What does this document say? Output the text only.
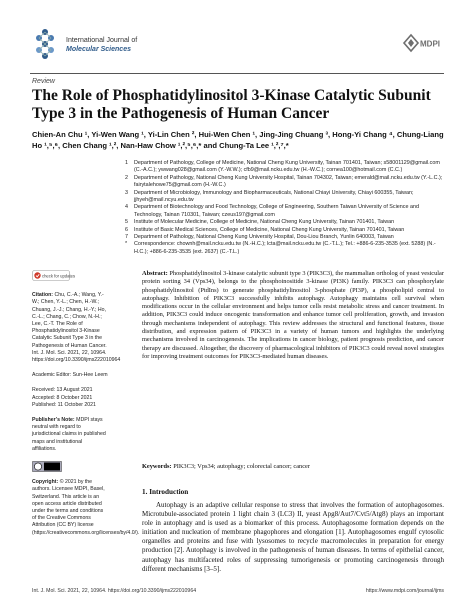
International Journal of
Molecular Sciences
MDPI
Review
The Role of Phosphatidylinositol 3-Kinase Catalytic Subunit Type 3 in the Pathogenesis of Human Cancer
Chien-An Chu ¹, Yi-Wen Wang ¹, Yi-Lin Chen ², Hui-Wen Chen ¹, Jing-Jing Chuang ³, Hong-Yi Chang ⁴, Chung-Liang Ho ¹,⁵,⁶, Chen Chang ¹,², Nan-Haw Chow ¹,²,⁵,⁶,* and Chung-Ta Lee ¹,²,⁷,*
1 Department of Pathology, College of Medicine, National Cheng Kung University, Tainan 701401, Taiwan; s58001129@gmail.com (C.-A.C.); ywwang028@gmail.com (Y.-W.W.); cfb9@mail.ncku.edu.tw (H.-W.C.); cornea100@hotmail.com (C.C.)
2 Department of Pathology, National Cheng Kung University Hospital, Tainan 704302, Taiwan; emerald@mail.ncku.edu.tw (Y.-L.C.); fairytalehowe75@gmail.com (H.-W.C.)
3 Department of Microbiology, Immunology and Biopharmaceuticals, National Chiayi University, Chiayi 600355, Taiwan; jjhyeh@mail.ncyu.edu.tw
4 Department of Biotechnology and Food Technology, College of Engineering, Southern Taiwan University of Science and Technology, Tainan 710301, Taiwan; czeus197@gmail.com
5 Institute of Molecular Medicine, College of Medicine, National Cheng Kung University, Tainan 701401, Taiwan
6 Institute of Basic Medical Sciences, College of Medicine, National Cheng Kung University, Tainan 701401, Taiwan
7 Department of Pathology, National Cheng Kung University Hospital, Dou-Liou Branch, Yunlin 640003, Taiwan
* Correspondence: chownh@mail.ncku.edu.tw (N.-H.C.); lcta@mail.ncku.edu.tw (C.-T.L.); Tel.: +886-6-235-3535 (ext. 5288) (N.-H.C.); +886-6-235-3535 (ext. 2637) (C.-T.L.)
check for updates
Citation: Chu, C.-A.; Wang, Y.-W.; Chen, Y.-L.; Chen, H.-W.; Chuang, J.-J.; Chang, H.-Y.; Ho, C.-L.; Chang, C.; Chow, N.-H.; Lee, C.-T. The Role of Phosphatidylinositol 3-Kinase Catalytic Subunit Type 3 in the Pathogenesis of Human Cancer. Int. J. Mol. Sci. 2021, 22, 10964. https://doi.org/10.3390/ijms222010964
Academic Editor: Sun-Hee Leem
Received: 13 August 2021
Accepted: 8 October 2021
Published: 11 October 2021
Publisher’s Note: MDPI stays neutral with regard to jurisdictional claims in published maps and institutional affiliations.
Copyright: © 2021 by the authors. Licensee MDPI, Basel, Switzerland. This article is an open access article distributed under the terms and conditions of the Creative Commons Attribution (CC BY) license (https://creativecommons.org/licenses/by/4.0/).
Abstract: Phosphatidylinositol 3-kinase catalytic subunit type 3 (PIK3C3), the mammalian ortholog of yeast vesicular protein sorting 34 (Vps34), belongs to the phosphoinositide 3-kinase (PI3K) family. PIK3C3 can phosphorylate phosphatidylinositol (PtdIns) to generate phosphatidylinositol 3-phosphate (PI3P), a phospholipid central to autophagy. Inhibition of PIK3C3 successfully inhibits autophagy. Autophagy maintains cell survival when modifications occur in the cellular environment and helps tumor cells resist metabolic stress and cancer treatment. In addition, PIK3C3 could induce oncogenic transformation and enhance tumor cell proliferation, growth, and invasion through mechanisms independent of autophagy. This review addresses the structural and functional features, tissue distribution, and expression pattern of PIK3C3 in a variety of human tumors and highlights the underlying mechanisms involved in carcinogenesis. The implications in cancer biology, patient prognosis prediction, and cancer therapy are discussed. Altogether, the discovery of pharmacological inhibitors of PIK3C3 could reveal novel strategies for improving treatment outcomes for PIK3C3-mediated human diseases.
Keywords: PIK3C3; Vps34; autophagy; colorectal cancer; cancer
1. Introduction
Autophagy is an adaptive cellular response to stress that involves the formation of autophagosomes. Microtubule-associated protein 1 light chain 3 (LC3) II, yeast Apg8/Aut7/Cvt5/Atg8) plays an important role in autophagy and is used as a biomarker of this process. Autophagosome formation depends on the initiation and nucleation of membrane phagophores and elongation [1]. Autophagosomes engulf cytosolic organelles and proteins and fuse with lysosomes to recycle macromolecules in preparation for energy production [2]. Autophagy is involved in the pathogenesis of human diseases. In terms of epithelial cancer, autophagy has multifaceted roles of suppressing tumorigenesis or promoting carcinogenesis through different mechanisms [3–5].
Int. J. Mol. Sci. 2021, 22, 10964. https://doi.org/10.3390/ijms222010964	https://www.mdpi.com/journal/ijms
